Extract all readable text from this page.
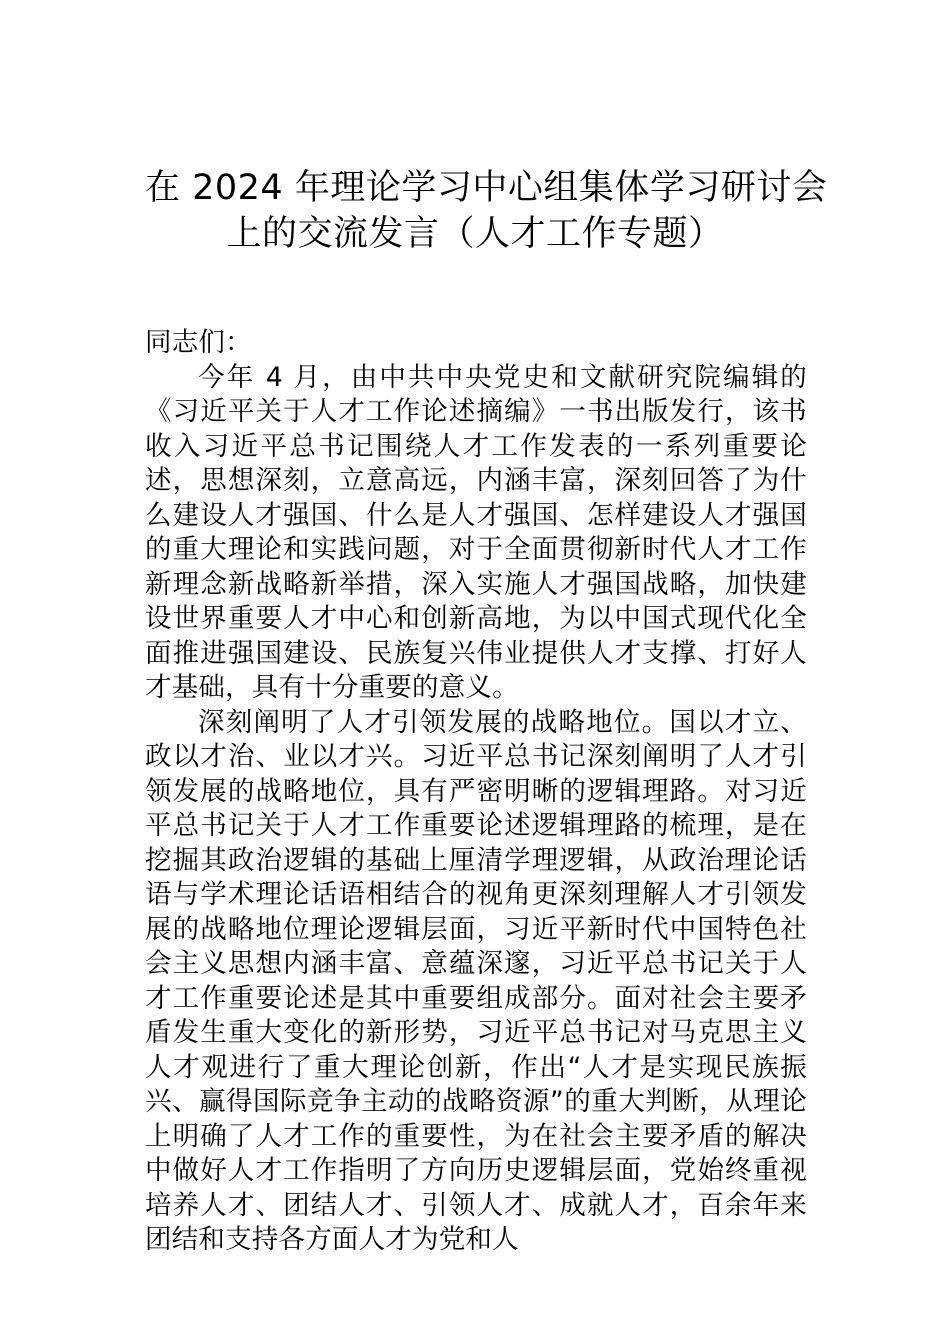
在 2024 年理论学习中心组集体学习研讨会
上的交流发言（人才工作专题）

同志们：

今年 4 月，由中共中央党史和文献研究院编辑的《习近平关于人才工作论述摘编》一书出版发行，该书收入习近平总书记围绕人才工作发表的一系列重要论述，思想深刻，立意高远，内涵丰富，深刻回答了为什么建设人才强国、什么是人才强国、怎样建设人才强国的重大理论和实践问题，对于全面贯彻新时代人才工作新理念新战略新举措，深入实施人才强国战略，加快建设世界重要人才中心和创新高地，为以中国式现代化全面推进强国建设、民族复兴伟业提供人才支撑、打好人才基础，具有十分重要的意义。

深刻阐明了人才引领发展的战略地位。国以才立、政以才治、业以才兴。习近平总书记深刻阐明了人才引领发展的战略地位，具有严密明晰的逻辑理路。对习近平总书记关于人才工作重要论述逻辑理路的梳理，是在挖掘其政治逻辑的基础上厘清学理逻辑，从政治理论话语与学术理论话语相结合的视角更深刻理解人才引领发展的战略地位理论逻辑层面，习近平新时代中国特色社会主义思想内涵丰富、意蕴深邃，习近平总书记关于人才工作重要论述是其中重要组成部分。面对社会主要矛盾发生重大变化的新形势，习近平总书记对马克思主义人才观进行了重大理论创新，作出“人才是实现民族振兴、赢得国际竞争主动的战略资源”的重大判断，从理论上明确了人才工作的重要性，为在社会主要矛盾的解决中做好人才工作指明了方向历史逻辑层面，党始终重视培养人才、团结人才、引领人才、成就人才，百余年来团结和支持各方面人才为党和人
